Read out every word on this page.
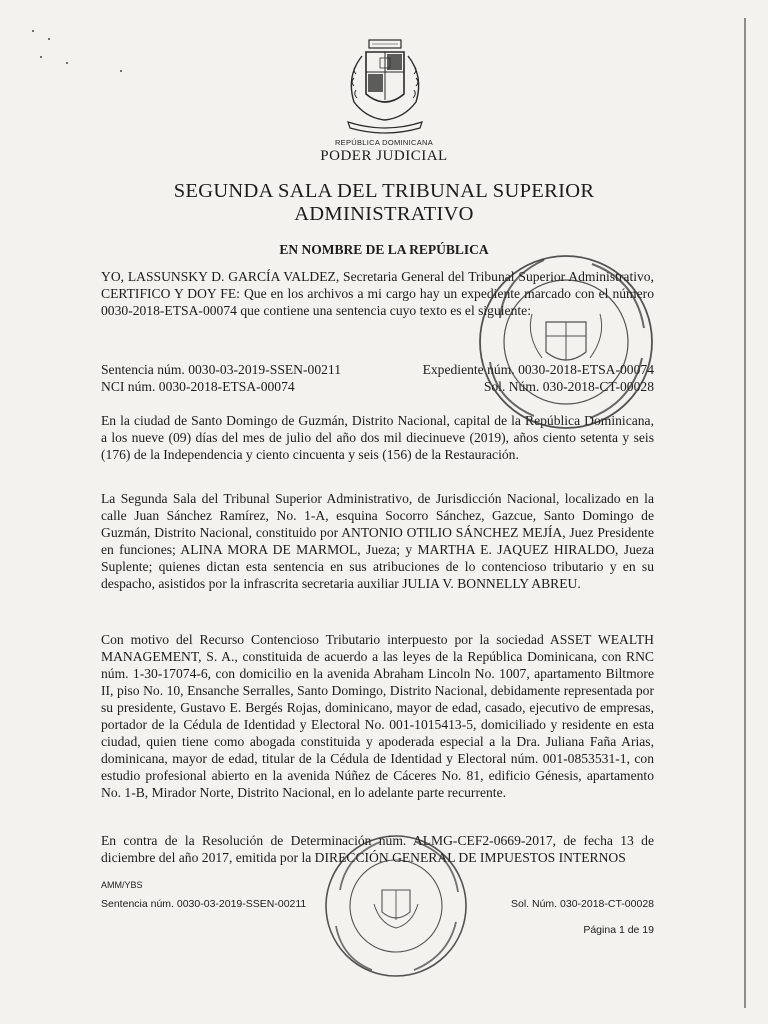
REPÚBLICA DOMINICANA
PODER JUDICIAL
SEGUNDA SALA DEL TRIBUNAL SUPERIOR
ADMINISTRATIVO
EN NOMBRE DE LA REPÚBLICA

YO, LASSUNSKY D. GARCÍA VALDEZ, Secretaria General del Tribunal Superior Administrativo, CERTIFICO Y DOY FE: Que en los archivos a mi cargo hay un expediente marcado con el número 0030-2018-ETSA-00074 que contiene una sentencia cuyo texto es el siguiente:

Sentencia núm. 0030-03-2019-SSEN-00211	Expediente núm. 0030-2018-ETSA-00074
NCI núm. 0030-2018-ETSA-00074	Sol. Núm. 030-2018-CT-00028

En la ciudad de Santo Domingo de Guzmán, Distrito Nacional, capital de la República Dominicana, a los nueve (09) días del mes de julio del año dos mil diecinueve (2019), años ciento setenta y seis (176) de la Independencia y ciento cincuenta y seis (156) de la Restauración.

La Segunda Sala del Tribunal Superior Administrativo, de Jurisdicción Nacional, localizado en la calle Juan Sánchez Ramírez, No. 1-A, esquina Socorro Sánchez, Gazcue, Santo Domingo de Guzmán, Distrito Nacional, constituido por ANTONIO OTILIO SÁNCHEZ MEJÍA, Juez Presidente en funciones; ALINA MORA DE MARMOL, Jueza; y MARTHA E. JAQUEZ HIRALDO, Jueza Suplente; quienes dictan esta sentencia en sus atribuciones de lo contencioso tributario y en su despacho, asistidos por la infrascrita secretaria auxiliar JULIA V. BONNELLY ABREU.

Con motivo del Recurso Contencioso Tributario interpuesto por la sociedad ASSET WEALTH MANAGEMENT, S. A., constituida de acuerdo a las leyes de la República Dominicana, con RNC núm. 1-30-17074-6, con domicilio en la avenida Abraham Lincoln No. 1007, apartamento Biltmore II, piso No. 10, Ensanche Serralles, Santo Domingo, Distrito Nacional, debidamente representada por su presidente, Gustavo E. Bergés Rojas, dominicano, mayor de edad, casado, ejecutivo de empresas, portador de la Cédula de Identidad y Electoral No. 001-1015413-5, domiciliado y residente en esta ciudad, quien tiene como abogada constituida y apoderada especial a la Dra. Juliana Faña Arias, dominicana, mayor de edad, titular de la Cédula de Identidad y Electoral núm. 001-0853531-1, con estudio profesional abierto en la avenida Núñez de Cáceres No. 81, edificio Génesis, apartamento No. 1-B, Mirador Norte, Distrito Nacional, en lo adelante parte recurrente.

En contra de la Resolución de Determinación núm. ALMG-CEF2-0669-2017, de fecha 13 de diciembre del año 2017, emitida por la DIRECCIÓN GENERAL DE IMPUESTOS INTERNOS

AMM/YBS
Sentencia núm. 0030-03-2019-SSEN-00211	Sol. Núm. 030-2018-CT-00028
Página 1 de 19
